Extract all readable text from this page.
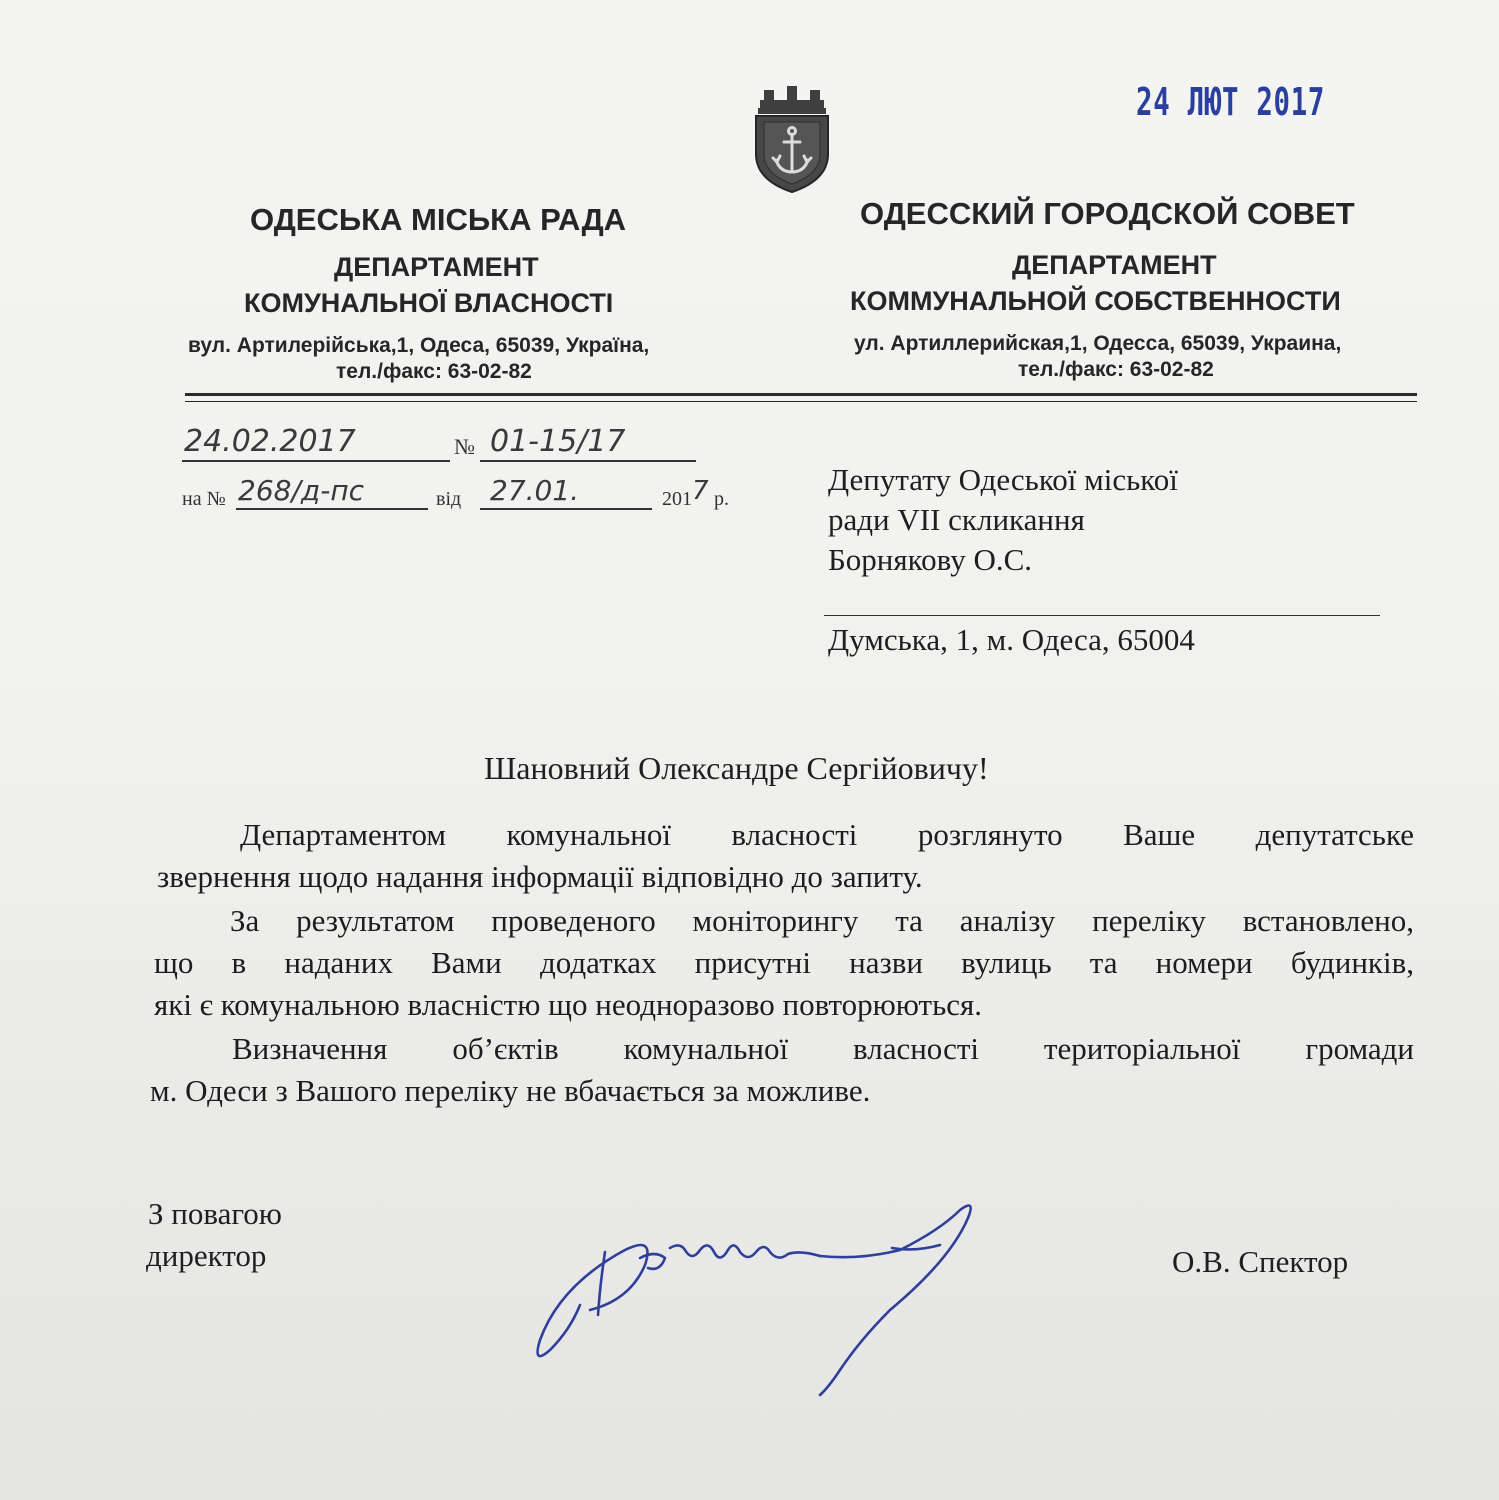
24 ЛЮТ 2017
ОДЕСЬКА МІСЬКА РАДА
ДЕПАРТАМЕНТ
КОМУНАЛЬНОЇ ВЛАСНОСТІ
вул. Артилерійська,1, Одеса, 65039, Україна,
тел./факс: 63-02-82
ОДЕССКИЙ ГОРОДСКОЙ СОВЕТ
ДЕПАРТАМЕНТ
КОММУНАЛЬНОЙ СОБСТВЕННОСТИ
ул. Артиллерийская,1, Одесса, 65039, Украина,
тел./факс: 63-02-82
24.02.2017	№ 01-15/17
на № 268/д-пс	від 27.01.	201 7 р.
Депутату Одеської міської
ради VII скликання
Борнякову О.С.
Думська, 1, м. Одеса, 65004
Шановний Олександре Сергійовичу!
Департаментом комунальної власності розглянуто Ваше депутатське
звернення щодо надання інформації відповідно до запиту.
За результатом проведеного моніторингу та аналізу переліку встановлено,
що в наданих Вами додатках присутні назви вулиць та номери будинків,
які є комунальною власністю що неодноразово повторюються.
Визначення об’єктів комунальної власності територіальної громади
м. Одеси з Вашого переліку не вбачається за можливе.
З повагою
директор	О.В. Спектор
